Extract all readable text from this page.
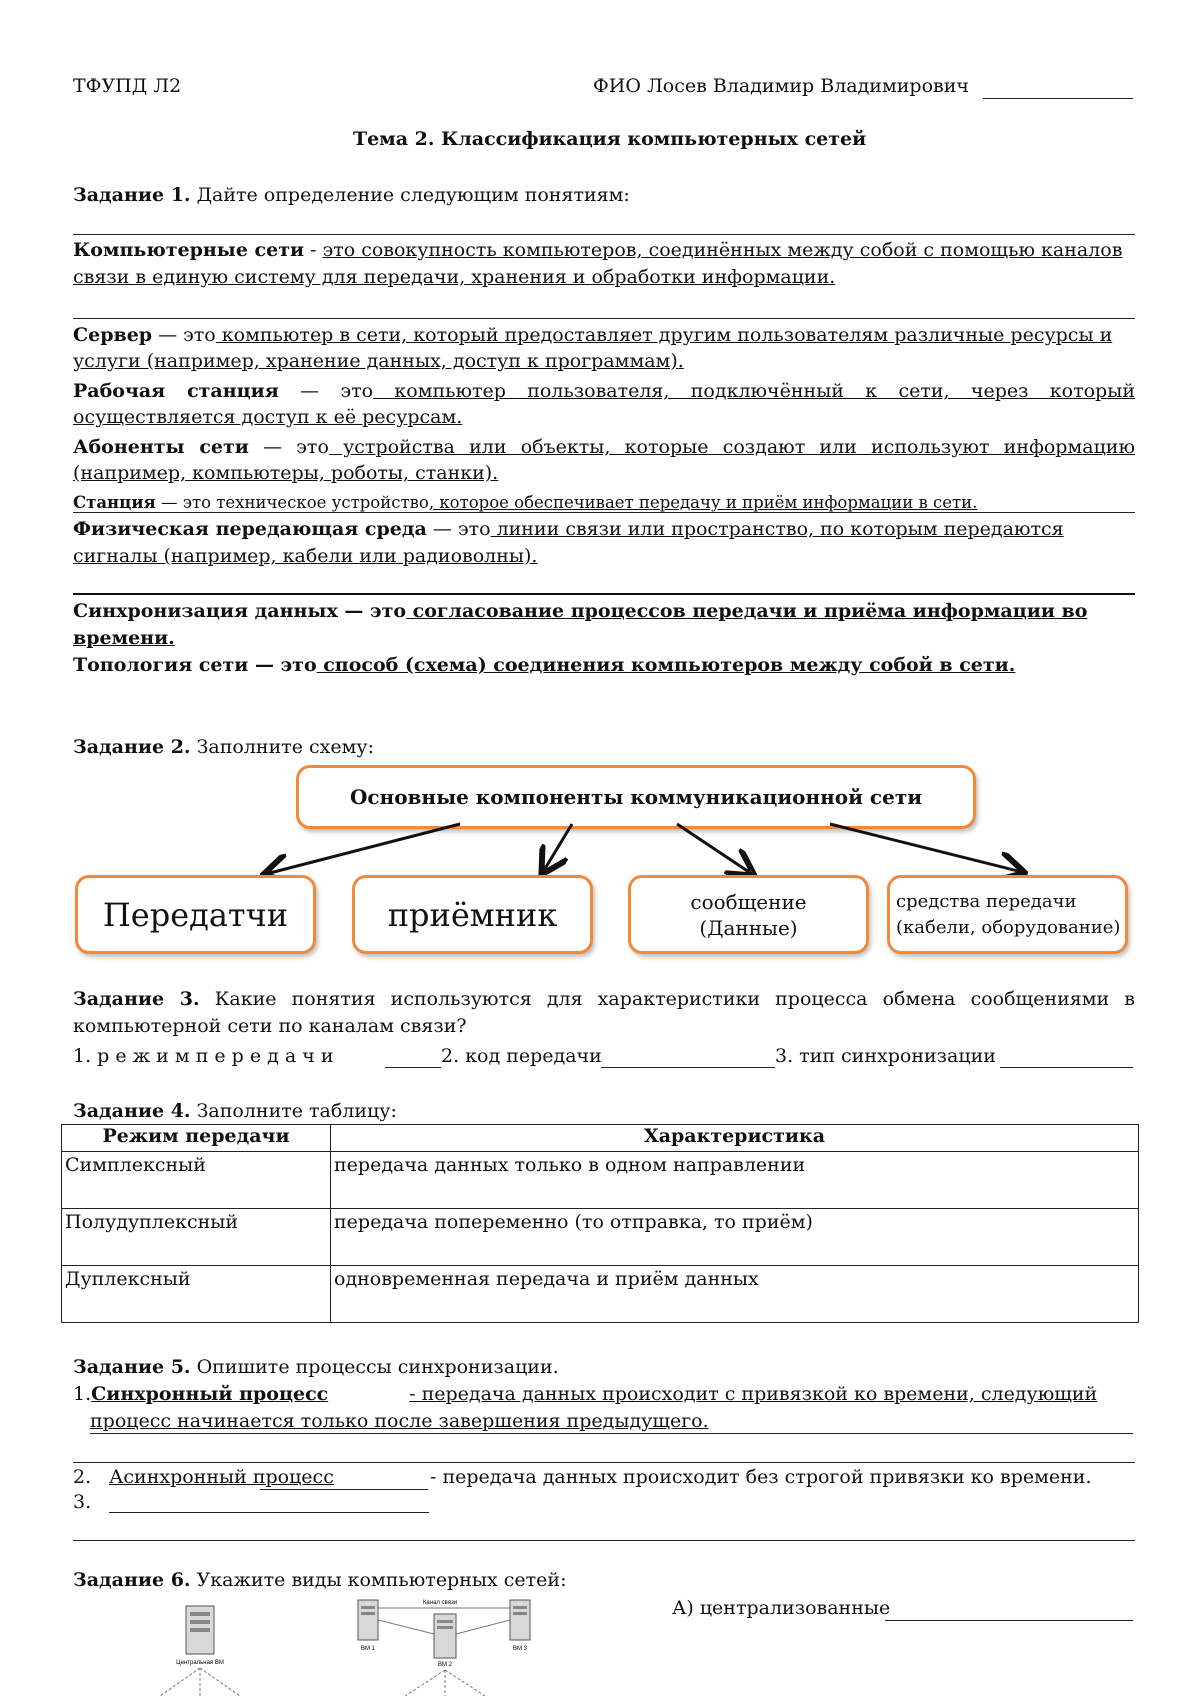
ТФУПД Л2	ФИО Лосев Владимир Владимирович
Тема 2. Классификация компьютерных сетей
Задание 1. Дайте определение следующим понятиям:
Компьютерные сети - это совокупность компьютеров, соединённых между собой с помощью каналов
связи в единую систему для передачи, хранения и обработки информации.
Сервер — это компьютер в сети, который предоставляет другим пользователям различные ресурсы и
услуги (например, хранение данных, доступ к программам).
Рабочая станция — это компьютер пользователя, подключённый к сети, через который
осуществляется доступ к её ресурсам.
Абоненты сети — это устройства или объекты, которые создают или используют информацию
(например, компьютеры, роботы, станки).
Станция — это техническое устройство, которое обеспечивает передачу и приём информации в сети.
Физическая передающая среда — это линии связи или пространство, по которым передаются
сигналы (например, кабели или радиоволны).
Синхронизация данных — это согласование процессов передачи и приёма информации во
времени.
Топология сети — это способ (схема) соединения компьютеров между собой в сети.
Задание 2. Заполните схему:
Основные компоненты коммуникационной сети
Передатчи	приёмник	сообщение
(Данные)
средства передачи
(кабели, оборудование)
Задание 3. Какие понятия используются для характеристики процесса обмена сообщениями в
компьютерной сети по каналам связи?
1. р е ж и м п е р е д а ч и	2. код передачи	3. тип синхронизации
Задание 4. Заполните таблицу:
Режим передачи	Характеристика
Симплексный	передача данных только в одном направлении
Полудуплексный	передача попеременно (то отправка, то приём)
Дуплексный	одновременная передача и приём данных
Задание 5. Опишите процессы синхронизации.
1.Синхронный процесс	- передача данных происходит с привязкой ко времени, следующий
процесс начинается только после завершения предыдущего.
2. Асинхронный процесс	- передача данных происходит без строгой привязки ко времени.
3.
Задание 6. Укажите виды компьютерных сетей:
А) централизованные
Центральная ВМ
Канал связи
ВМ 1
ВМ 2
ВМ 3
